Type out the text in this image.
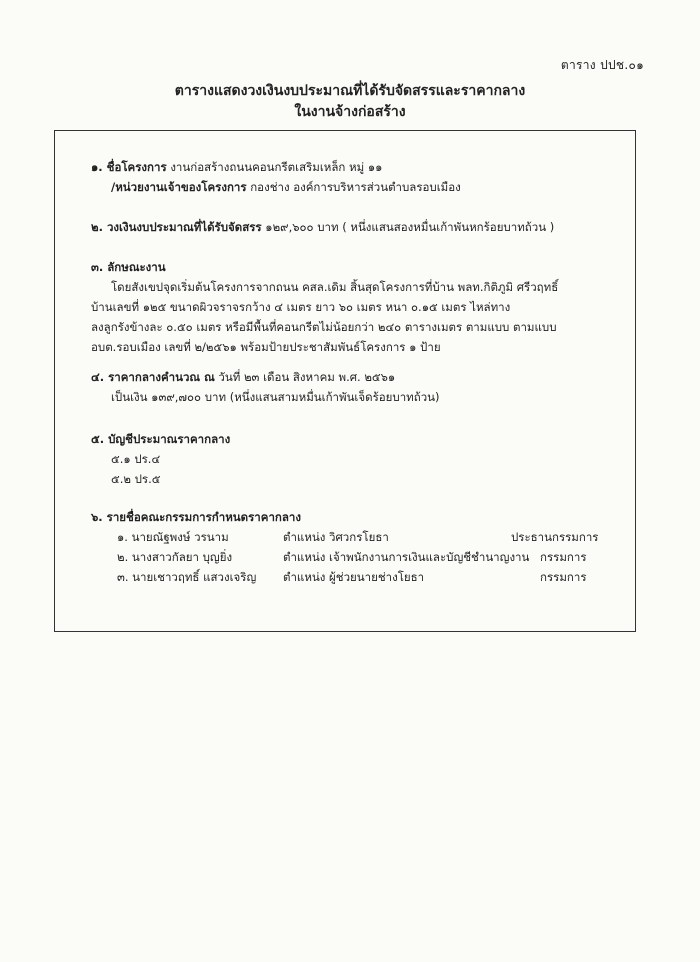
ตาราง ปปช.๐๑
ตารางแสดงวงเงินงบประมาณที่ได้รับจัดสรรและราคากลาง
ในงานจ้างก่อสร้าง
๑. ชื่อโครงการ งานก่อสร้างถนนคอนกรีตเสริมเหล็ก หมู่ ๑๑
/หน่วยงานเจ้าของโครงการ กองช่าง องค์การบริหารส่วนตำบลรอบเมือง
๒. วงเงินงบประมาณที่ได้รับจัดสรร ๑๒๙,๖๐๐ บาท ( หนึ่งแสนสองหมื่นเก้าพันหกร้อยบาทถ้วน )
๓. ลักษณะงาน
โดยสังเขปจุดเริ่มต้นโครงการจากถนน คสล.เดิม สิ้นสุดโครงการที่บ้าน พลท.กิติภูมิ ศรีวฤทธิ์
บ้านเลขที่ ๑๒๕ ขนาดผิวจราจรกว้าง ๔ เมตร ยาว ๖๐ เมตร หนา ๐.๑๕ เมตร ไหล่ทาง
ลงลูกรังข้างละ ๐.๕๐ เมตร หรือมีพื้นที่คอนกรีตไม่น้อยกว่า ๒๔๐ ตารางเมตร ตามแบบ ตามแบบ
อบต.รอบเมือง เลขที่ ๒/๒๕๖๑ พร้อมป้ายประชาสัมพันธ์โครงการ ๑ ป้าย
๔. ราคากลางคำนวณ ณ วันที่ ๒๓ เดือน สิงหาคม พ.ศ. ๒๕๖๑
เป็นเงิน ๑๓๙,๗๐๐ บาท (หนึ่งแสนสามหมื่นเก้าพันเจ็ดร้อยบาทถ้วน)
๕. บัญชีประมาณราคากลาง
๕.๑ ปร.๔
๕.๒ ปร.๕
๖. รายชื่อคณะกรรมการกำหนดราคากลาง
๑. นายณัฐพงษ์ วรนาม	ตำแหน่ง วิศวกรโยธา	ประธานกรรมการ
๒. นางสาวกัลยา บุญยิ่ง	ตำแหน่ง เจ้าพนักงานการเงินและบัญชีชำนาญงาน กรรมการ
๓. นายเชาวฤทธิ์ แสวงเจริญ ตำแหน่ง ผู้ช่วยนายช่างโยธา	กรรมการ
